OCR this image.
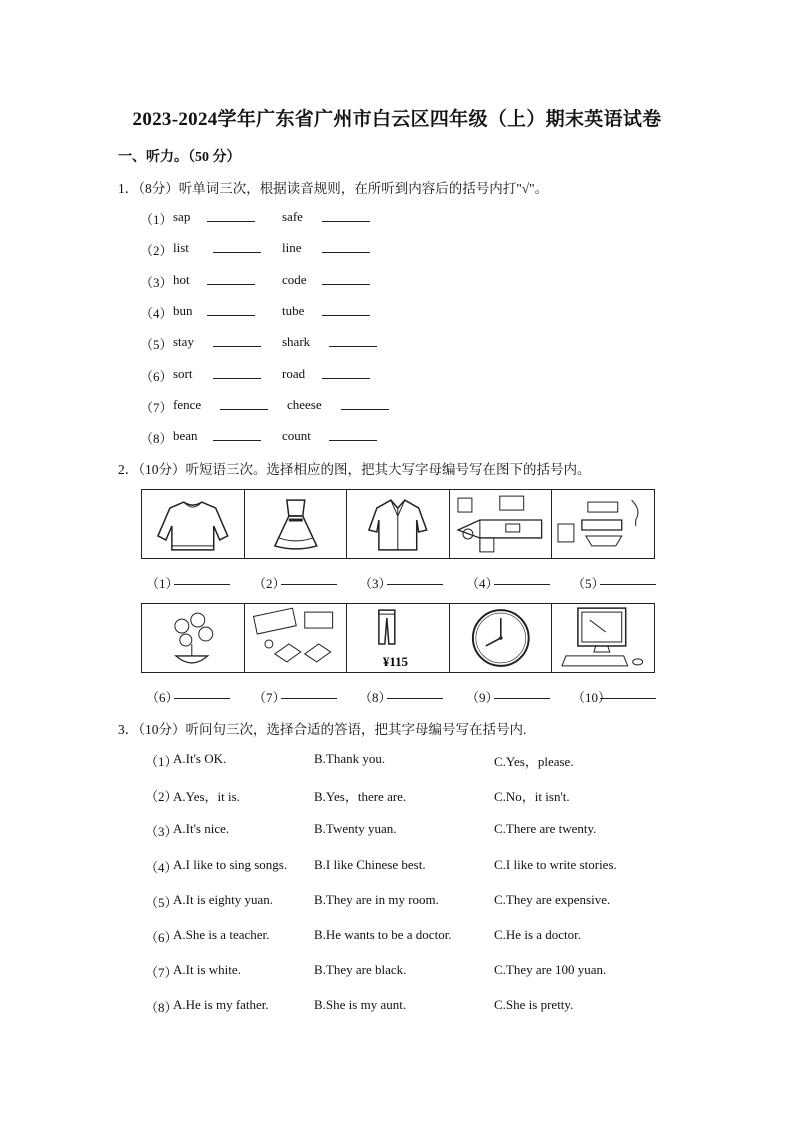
2023-2024学年广东省广州市白云区四年级（上）期末英语试卷
一、听力。（50 分）
1．（8分）听单词三次，根据读音规则，在所听到内容后的括号内打"√"。
（1） sap	safe
（2） list	line
（3） hot	code
（4） bun	tube
（5） stay	shark
（6） sort	road
（7） fence	cheese
（8） bean	count
2．（10分）听短语三次。选择相应的图，把其大写字母编号写在图下的括号内。
（1）	（2）	（3）	（4）	（5）
¥115
（6）	（7）	（8）	（9）	（10）
3．（10分）听问句三次，选择合适的答语，把其字母编号写在括号内.
（1）
A.It's OK.	B.Thank you.	C.Yes，please.
（2）
A.Yes，it is.	B.Yes，there are.	C.No，it isn't.
（3）
A.It's nice.	B.Twenty yuan.	C.There are twenty.
（4）
A.I like to sing songs. B.I like Chinese best.	C.I like to write stories.
（5）
A.It is eighty yuan.	B.They are in my room.	C.They are expensive.
（6）
A.She is a teacher.	B.He wants to be a doctor.	C.He is a doctor.
（7）
A.It is white.	B.They are black.	C.They are 100 yuan.
（8）
A.He is my father.	B.She is my aunt.	C.She is pretty.
